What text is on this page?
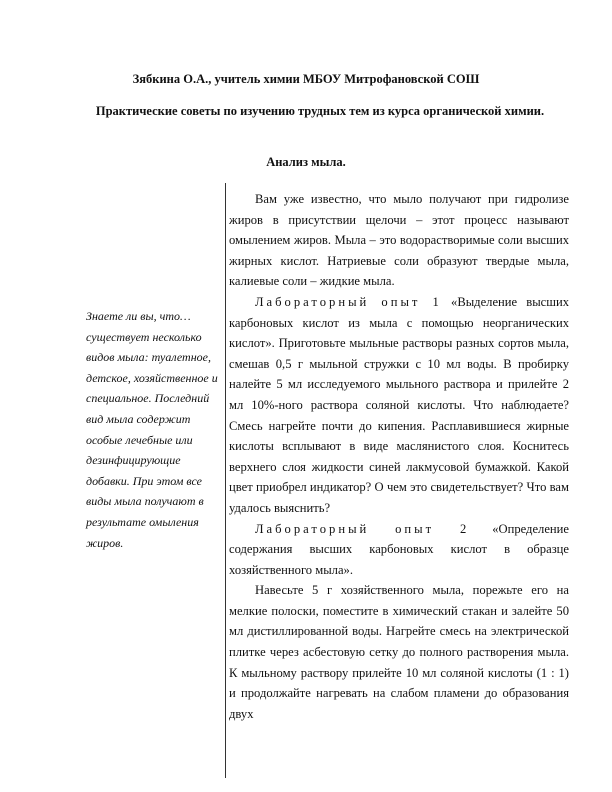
Зябкина О.А., учитель химии МБОУ Митрофановской СОШ
Практические советы по изучению трудных тем из курса органической химии.
Анализ мыла.
Знаете ли вы, что… существует несколько видов мыла: туалетное, детское, хозяйственное и специальное. Последний вид мыла содержит особые лечебные или дезинфицирующие добавки. При этом все виды мыла получают в результате омыления жиров.

Вам уже известно, что мыло получают при гидролизе жиров в присутствии щелочи – этот процесс называют омылением жиров. Мыла – это водорастворимые соли высших жирных кислот. Натриевые соли образуют твердые мыла, калиевые соли – жидкие мыла.

Лабораторный опыт 1 «Выделение высших карбоновых кислот из мыла с помощью неорганических кислот». Приготовьте мыльные растворы разных сортов мыла, смешав 0,5 г мыльной стружки с 10 мл воды. В пробирку налейте 5 мл исследуемого мыльного раствора и прилейте 2 мл 10%-ного раствора соляной кислоты. Что наблюдаете? Смесь нагрейте почти до кипения. Расплавившиеся жирные кислоты всплывают в виде маслянистого слоя. Коснитесь верхнего слоя жидкости синей лакмусовой бумажкой. Какой цвет приобрел индикатор? О чем это свидетельствует? Что вам удалось выяснить?

Лабораторный опыт 2 «Определение содержания высших карбоновых кислот в образце хозяйственного мыла».

Навесьте 5 г хозяйственного мыла, порежьте его на мелкие полоски, поместите в химический стакан и залейте 50 мл дистиллированной воды. Нагрейте смесь на электрической плитке через асбестовую сетку до полного растворения мыла. К мыльному раствору прилейте 10 мл соляной кислоты (1 : 1) и продолжайте нагревать на слабом пламени до образования двух
